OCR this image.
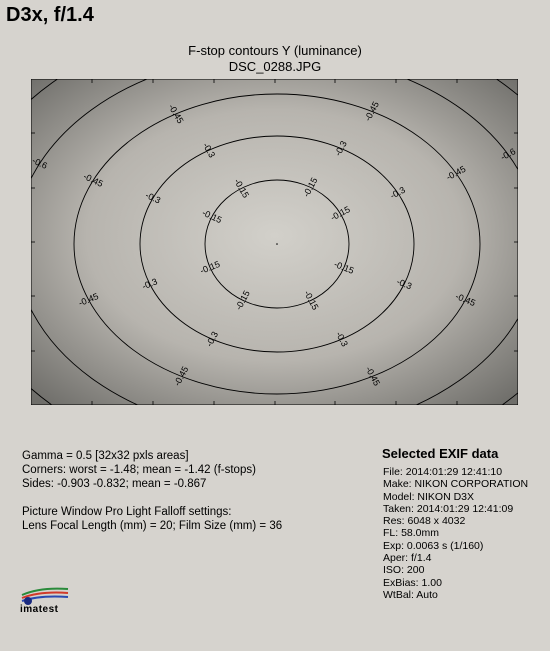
D3x, f/1.4
F-stop contours Y (luminance)
DSC_0288.JPG
-0.15
-0.15
-0.15
-0.15
-0.15
-0.15
-0.15
-0.15
-0.3
-0.3
-0.3
-0.3
-0.3
-0.3
-0.3
-0.3
-0.45
-0.45
-0.45
-0.45
-0.45
-0.45
-0.45
-0.45
-0.6
-0.6
Gamma = 0.5 [32x32 pxls areas]
Corners: worst = -1.48; mean = -1.42 (f-stops)
Sides: -0.903 -0.832; mean = -0.867
Picture Window Pro Light Falloff settings:
Lens Focal Length (mm) = 20; Film Size (mm) = 36
Selected EXIF data
File: 2014:01:29 12:41:10
Make: NIKON CORPORATION
Model: NIKON D3X
Taken: 2014:01:29 12:41:09
Res: 6048 x 4032
FL: 58.0mm
Exp: 0.0063 s (1/160)
Aper: f/1.4
ISO: 200
ExBias: 1.00
WtBal: Auto
imatest
